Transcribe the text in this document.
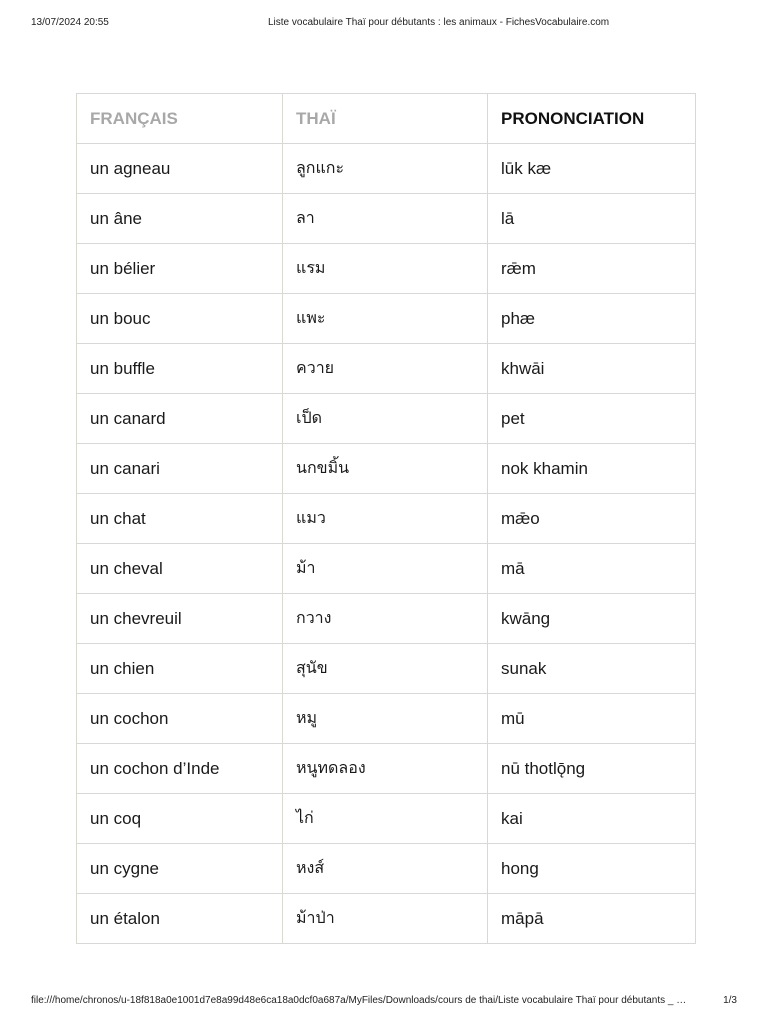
13/07/2024 20:55	Liste vocabulaire Thaï pour débutants : les animaux - FichesVocabulaire.com
FRANÇAIS	THAÏ	PRONONCIATION
un agneau	ลูกแกะ	lūk kæ
un âne	ลา	lā
un bélier	แรม	rǣm
un bouc	แพะ	phæ
un buffle	ควาย	khwāi
un canard	เป็ด	pet
un canari	นกขมิ้น	nok khamin
un chat	แมว	mǣo
un cheval	ม้า	mā
un chevreuil	กวาง	kwāng
un chien	สุนัข	sunak
un cochon	หมู	mū
un cochon d’Inde	หนูทดลอง	nū thotlǭng
un coq	ไก่	kai
un cygne	หงส์	hong
un étalon	ม้าป่า	māpā
file:///home/chronos/u-18f818a0e1001d7e8a99d48e6ca18a0dcf0a687a/MyFiles/Downloads/cours de thai/Liste vocabulaire Thaï pour débutants _ …	1/3
